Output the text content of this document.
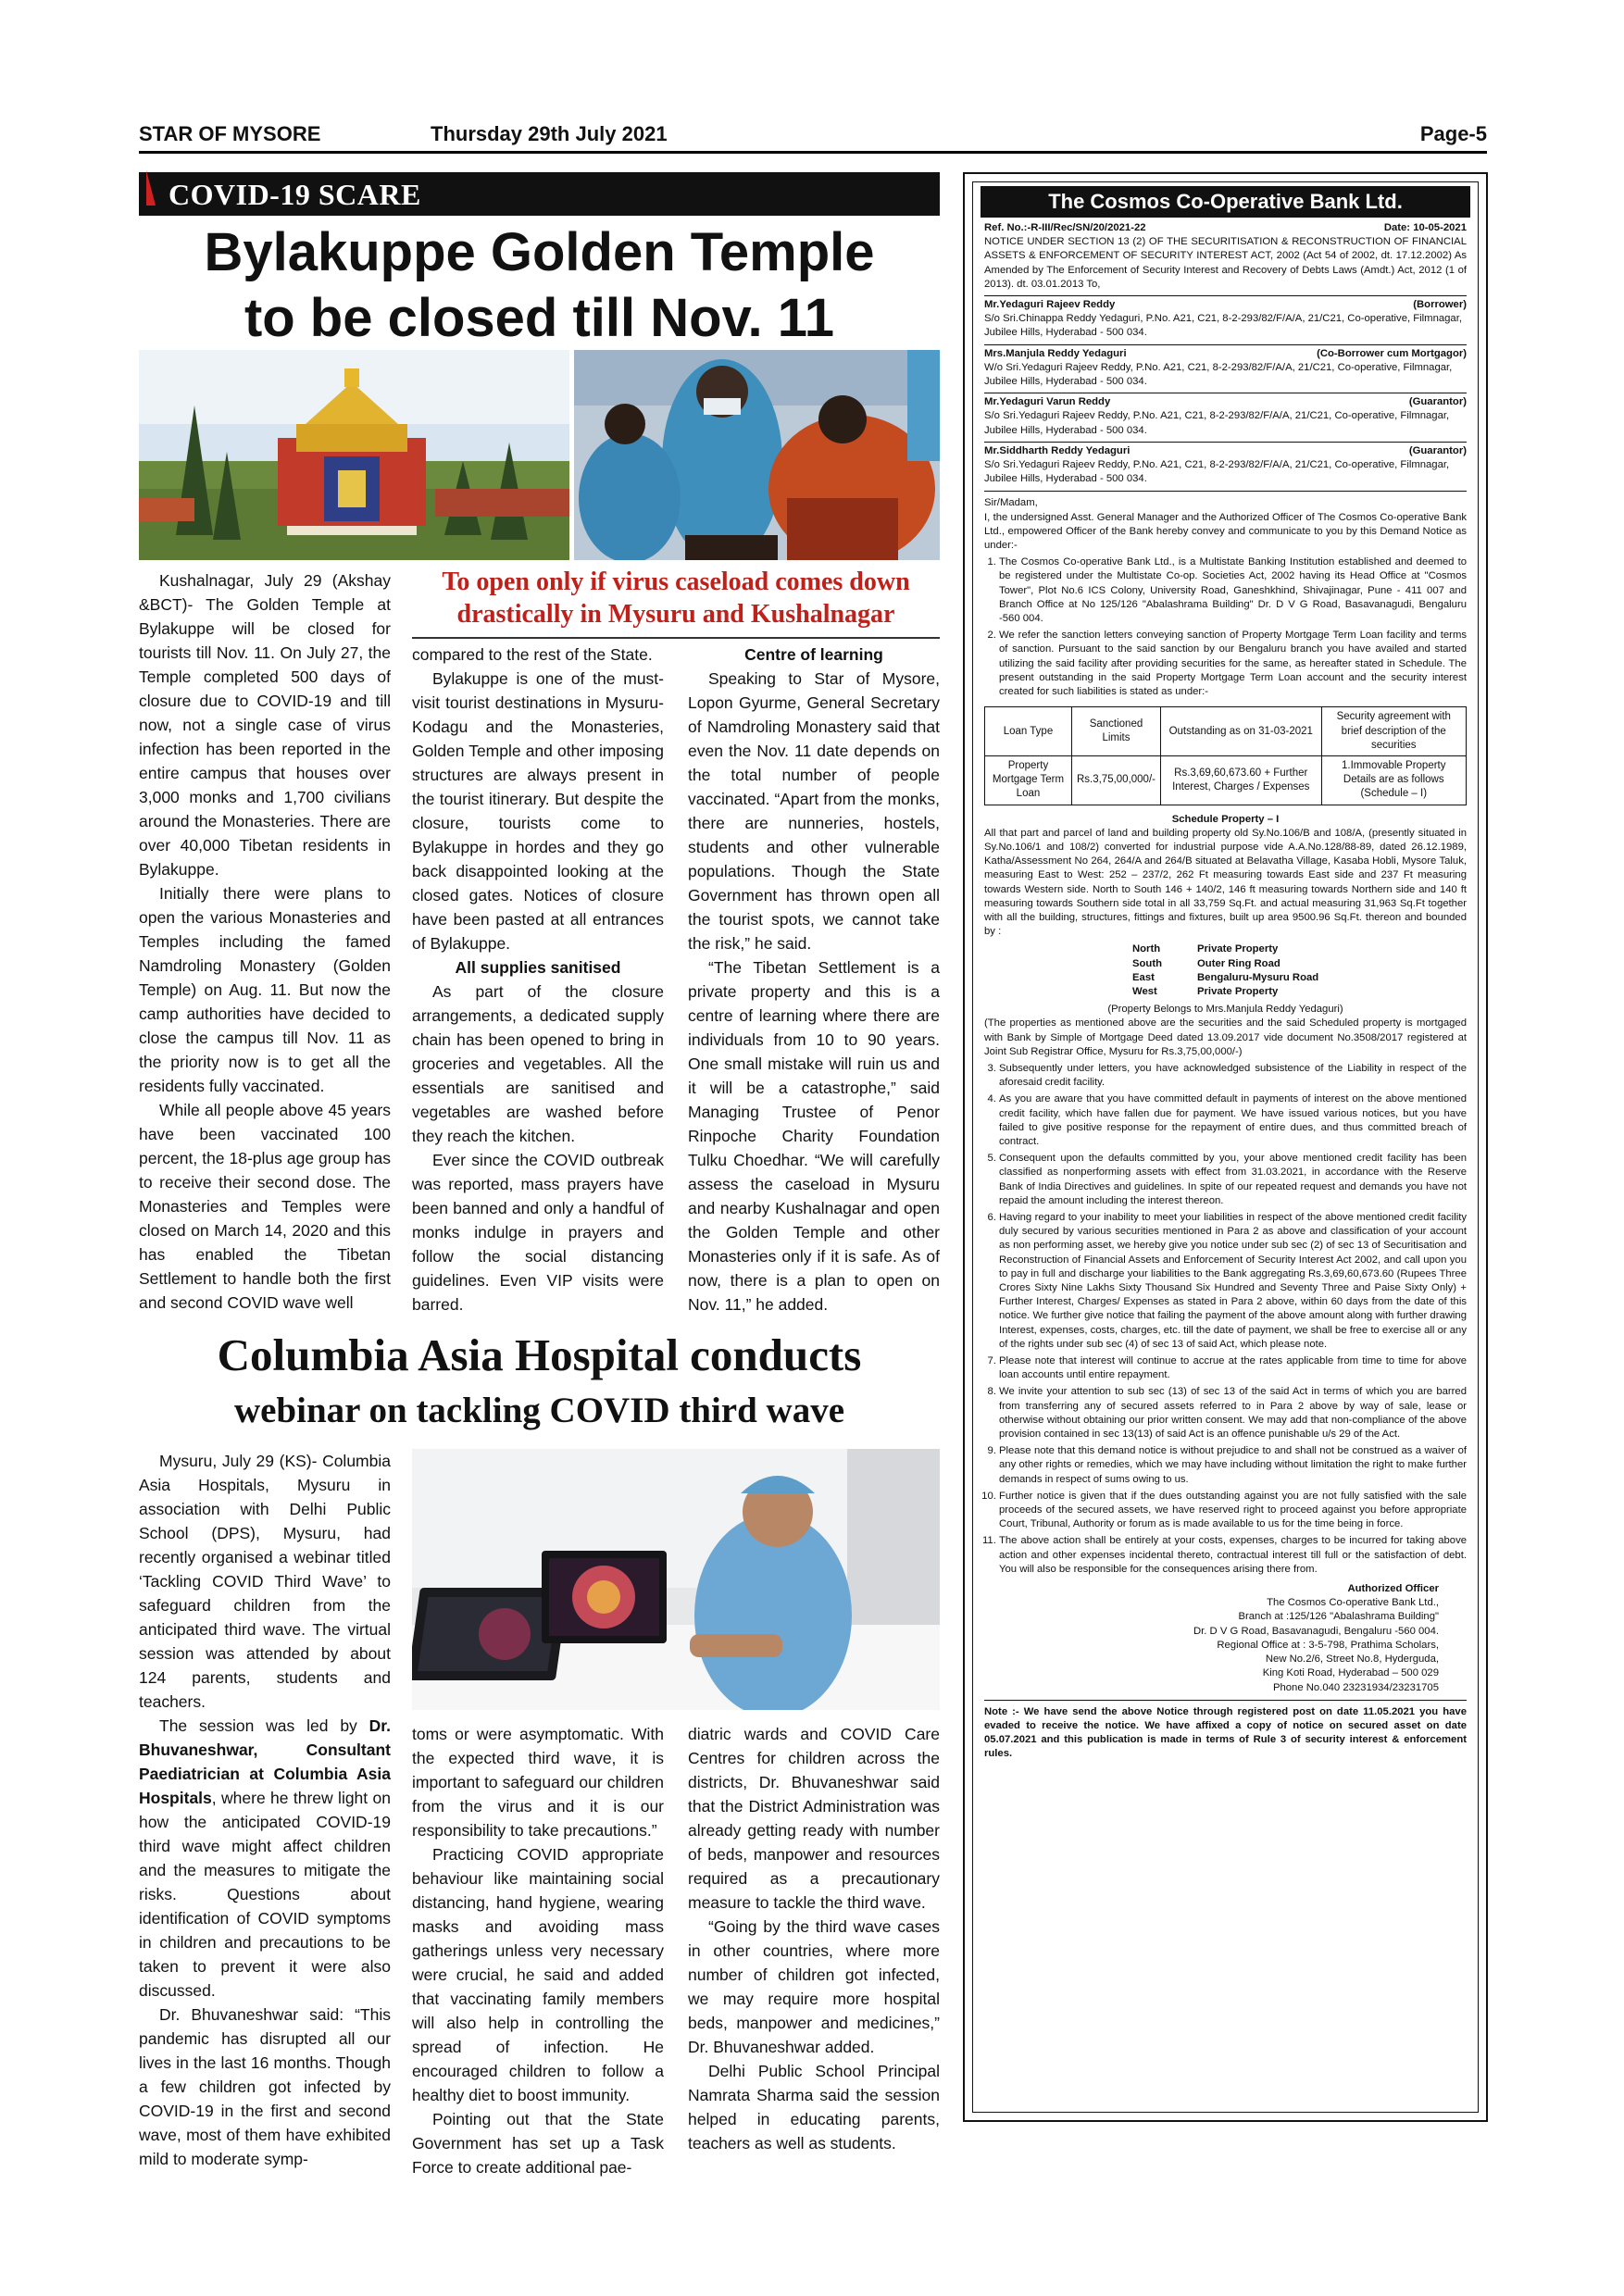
STAR OF MYSORE	Thursday 29th July 2021	Page-5
COVID-19 SCARE
Bylakuppe Golden Temple
to be closed till Nov. 11

Kushalnagar, July 29 (Akshay &BCT)- The Golden Temple at Bylakuppe will be closed for tourists till Nov. 11. On July 27, the Temple completed 500 days of closure due to COVID-19 and till now, not a single case of virus infection has been reported in the entire campus that houses over 3,000 monks and 1,700 civilians around the Monasteries. There are over 40,000 Tibetan residents in Bylakuppe.

Initially there were plans to open the various Monasteries and Temples including the famed Namdroling Monastery (Golden Temple) on Aug. 11. But now the camp authorities have decided to close the campus till Nov. 11 as the priority now is to get all the residents fully vaccinated.

While all people above 45 years have been vaccinated 100 percent, the 18-plus age group has to receive their second dose. The Monasteries and Temples were closed on March 14, 2020 and this has enabled the Tibetan Settlement to handle both the first and second COVID wave well

To open only if virus caseload comes down
drastically in Mysuru and Kushalnagar

compared to the rest of the State.

Bylakuppe is one of the must-visit tourist destinations in Mysuru-Kodagu and the Monasteries, Golden Temple and other imposing structures are always present in the tourist itinerary. But despite the closure, tourists come to Bylakuppe in hordes and they go back disappointed looking at the closed gates. Notices of closure have been pasted at all entrances of Bylakuppe.

All supplies sanitised

As part of the closure arrangements, a dedicated supply chain has been opened to bring in groceries and vegetables. All the essentials are sanitised and vegetables are washed before they reach the kitchen.

Ever since the COVID outbreak was reported, mass prayers have been banned and only a handful of monks indulge in prayers and follow the social distancing guidelines. Even VIP visits were barred.

Centre of learning

Speaking to Star of Mysore, Lopon Gyurme, General Secretary of Namdroling Monastery said that even the Nov. 11 date depends on the total number of people vaccinated. “Apart from the monks, there are nunneries, hostels, students and other vulnerable populations. Though the State Government has thrown open all the tourist spots, we cannot take the risk,” he said.

“The Tibetan Settlement is a private property and this is a centre of learning where there are individuals from 10 to 90 years. One small mistake will ruin us and it will be a catastrophe,” said Managing Trustee of Penor Rinpoche Charity Foundation Tulku Choedhar. “We will carefully assess the caseload in Mysuru and nearby Kushalnagar and open the Golden Temple and other Monasteries only if it is safe. As of now, there is a plan to open on Nov. 11,” he added.

Columbia Asia Hospital conducts
webinar on tackling COVID third wave

Mysuru, July 29 (KS)- Columbia Asia Hospitals, Mysuru in association with Delhi Public School (DPS), Mysuru, had recently organised a webinar titled ‘Tackling COVID Third Wave’ to safeguard children from the anticipated third wave. The virtual session was attended by about 124 parents, students and teachers.

The session was led by Dr. Bhuvaneshwar, Consultant Paediatrician at Columbia Asia Hospitals, where he threw light on how the anticipated COVID-19 third wave might affect children and the measures to mitigate the risks. Questions about identification of COVID symptoms in children and precautions to be taken to prevent it were also discussed.

Dr. Bhuvaneshwar said: “This pandemic has disrupted all our lives in the last 16 months. Though a few children got infected by COVID-19 in the first and second wave, most of them have exhibited mild to moderate symp-

toms or were asymptomatic. With the expected third wave, it is important to safeguard our children from the virus and it is our responsibility to take precautions.”

Practicing COVID appropriate behaviour like maintaining social distancing, hand hygiene, wearing masks and avoiding mass gatherings unless very necessary were crucial, he said and added that vaccinating family members will also help in controlling the spread of infection. He encouraged children to follow a healthy diet to boost immunity.

Pointing out that the State Government has set up a Task Force to create additional pae-

diatric wards and COVID Care Centres for children across the districts, Dr. Bhuvaneshwar said that the District Administration was already getting ready with number of beds, manpower and resources required as a precautionary measure to tackle the third wave.

“Going by the third wave cases in other countries, where more number of children got infected, we may require more hospital beds, manpower and medicines,” Dr. Bhuvaneshwar added.

Delhi Public School Principal Namrata Sharma said the session helped in educating parents, teachers as well as students.

The Cosmos Co-Operative Bank Ltd.
Ref. No.:-R-III/Rec/SN/20/2021-22	Date: 10-05-2021
NOTICE UNDER SECTION 13 (2) OF THE SECURITISATION & RECONSTRUCTION OF FINANCIAL ASSETS & ENFORCEMENT OF SECURITY INTEREST ACT, 2002 (Act 54 of 2002, dt. 17.12.2002) As Amended by The Enforcement of Security Interest and Recovery of Debts Laws (Amdt.) Act, 2012 (1 of 2013). dt. 03.01.2013 To,
Mr.Yedaguri Rajeev Reddy	(Borrower)
S/o Sri.Chinappa Reddy Yedaguri, P.No. A21, C21, 8-2-293/82/F/A/A, 21/C21, Co-operative, Filmnagar, Jubilee Hills, Hyderabad - 500 034.
Mrs.Manjula Reddy Yedaguri	(Co-Borrower cum Mortgagor)
W/o Sri.Yedaguri Rajeev Reddy, P.No. A21, C21, 8-2-293/82/F/A/A, 21/C21, Co-operative, Filmnagar, Jubilee Hills, Hyderabad - 500 034.
Mr.Yedaguri Varun Reddy	(Guarantor)
S/o Sri.Yedaguri Rajeev Reddy, P.No. A21, C21, 8-2-293/82/F/A/A, 21/C21, Co-operative, Filmnagar, Jubilee Hills, Hyderabad - 500 034.
Mr.Siddharth Reddy Yedaguri	(Guarantor)
S/o Sri.Yedaguri Rajeev Reddy, P.No. A21, C21, 8-2-293/82/F/A/A, 21/C21, Co-operative, Filmnagar, Jubilee Hills, Hyderabad - 500 034.
Sir/Madam,
I, the undersigned Asst. General Manager and the Authorized Officer of The Cosmos Co-operative Bank Ltd., empowered Officer of the Bank hereby convey and communicate to you by this Demand Notice as under:-
1. The Cosmos Co-operative Bank Ltd., is a Multistate Banking Institution established and deemed to be registered under the Multistate Co-op. Societies Act, 2002 having its Head Office at "Cosmos Tower", Plot No.6 ICS Colony, University Road, Ganeshkhind, Shivajinagar, Pune - 411 007 and Branch Office at No 125/126 "Abalashrama Building" Dr. D V G Road, Basavanagudi, Bengaluru -560 004.
2. We refer the sanction letters conveying sanction of Property Mortgage Term Loan facility and terms of sanction. Pursuant to the said sanction by our Bengaluru branch you have availed and started utilizing the said facility after providing securities for the same, as hereafter stated in Schedule. The present outstanding in the said Property Mortgage Term Loan account and the security interest created for such liabilities is stated as under:-
Loan Type	Sanctioned Limits	Outstanding as on 31-03-2021	Security agreement with brief description of the securities
Property Mortgage Term Loan	Rs.3,75,00,000/-	Rs.3,69,60,673.60 + Further Interest, Charges / Expenses	1.Immovable Property Details are as follows (Schedule – I)
Schedule Property – I
All that part and parcel of land and building property old Sy.No.106/B and 108/A, (presently situated in Sy.No.106/1 and 108/2) converted for industrial purpose vide A.A.No.128/88-89, dated 26.12.1989, Katha/Assessment No 264, 264/A and 264/B situated at Belavatha Village, Kasaba Hobli, Mysore Taluk, measuring East to West: 252 – 237/2, 262 Ft measuring towards East side and 237 Ft measuring towards Western side. North to South 146 + 140/2, 146 ft measuring towards Northern side and 140 ft measuring towards Southern side total in all 33,759 Sq.Ft. and actual measuring 31,963 Sq.Ft together with all the building, structures, fittings and fixtures, built up area 9500.96 Sq.Ft. thereon and bounded by :
North	Private Property
South	Outer Ring Road
East	Bengaluru-Mysuru Road
West	Private Property
(Property Belongs to Mrs.Manjula Reddy Yedaguri)
(The properties as mentioned above are the securities and the said Scheduled property is mortgaged with Bank by Simple of Mortgage Deed dated 13.09.2017 vide document No.3508/2017 registered at Joint Sub Registrar Office, Mysuru for Rs.3,75,00,000/-)
3. Subsequently under letters, you have acknowledged subsistence of the Liability in respect of the aforesaid credit facility.
4. As you are aware that you have committed default in payments of interest on the above mentioned credit facility, which have fallen due for payment. We have issued various notices, but you have failed to give positive response for the repayment of entire dues, and thus committed breach of contract.
5. Consequent upon the defaults committed by you, your above mentioned credit facility has been classified as nonperforming assets with effect from 31.03.2021, in accordance with the Reserve Bank of India Directives and guidelines. In spite of our repeated request and demands you have not repaid the amount including the interest thereon.
6. Having regard to your inability to meet your liabilities in respect of the above mentioned credit facility duly secured by various securities mentioned in Para 2 as above and classification of your account as non performing asset, we hereby give you notice under sub sec (2) of sec 13 of Securitisation and Reconstruction of Financial Assets and Enforcement of Security Interest Act 2002, and call upon you to pay in full and discharge your liabilities to the Bank aggregating Rs.3,69,60,673.60 (Rupees Three Crores Sixty Nine Lakhs Sixty Thousand Six Hundred and Seventy Three and Paise Sixty Only) + Further Interest, Charges/ Expenses as stated in Para 2 above, within 60 days from the date of this notice. We further give notice that failing the payment of the above amount along with further drawing Interest, expenses, costs, charges, etc. till the date of payment, we shall be free to exercise all or any of the rights under sub sec (4) of sec 13 of said Act, which please note.
7. Please note that interest will continue to accrue at the rates applicable from time to time for above loan accounts until entire repayment.
8. We invite your attention to sub sec (13) of sec 13 of the said Act in terms of which you are barred from transferring any of secured assets referred to in Para 2 above by way of sale, lease or otherwise without obtaining our prior written consent. We may add that non-compliance of the above provision contained in sec 13(13) of said Act is an offence punishable u/s 29 of the Act.
9. Please note that this demand notice is without prejudice to and shall not be construed as a waiver of any other rights or remedies, which we may have including without limitation the right to make further demands in respect of sums owing to us.
10. Further notice is given that if the dues outstanding against you are not fully satisfied with the sale proceeds of the secured assets, we have reserved right to proceed against you before appropriate Court, Tribunal, Authority or forum as is made available to us for the time being in force.
11. The above action shall be entirely at your costs, expenses, charges to be incurred for taking above action and other expenses incidental thereto, contractual interest till full or the satisfaction of debt. You will also be responsible for the consequences arising there from.
Authorized Officer
The Cosmos Co-operative Bank Ltd.,
Branch at :125/126 "Abalashrama Building"
Dr. D V G Road, Basavanagudi, Bengaluru -560 004.
Regional Office at : 3-5-798, Prathima Scholars,
New No.2/6, Street No.8, Hyderguda,
King Koti Road, Hyderabad – 500 029
Phone No.040 23231934/23231705
Note :- We have send the above Notice through registered post on date 11.05.2021 you have evaded to receive the notice. We have affixed a copy of notice on secured asset on date 05.07.2021 and this publication is made in terms of Rule 3 of security interest & enforcement rules.
